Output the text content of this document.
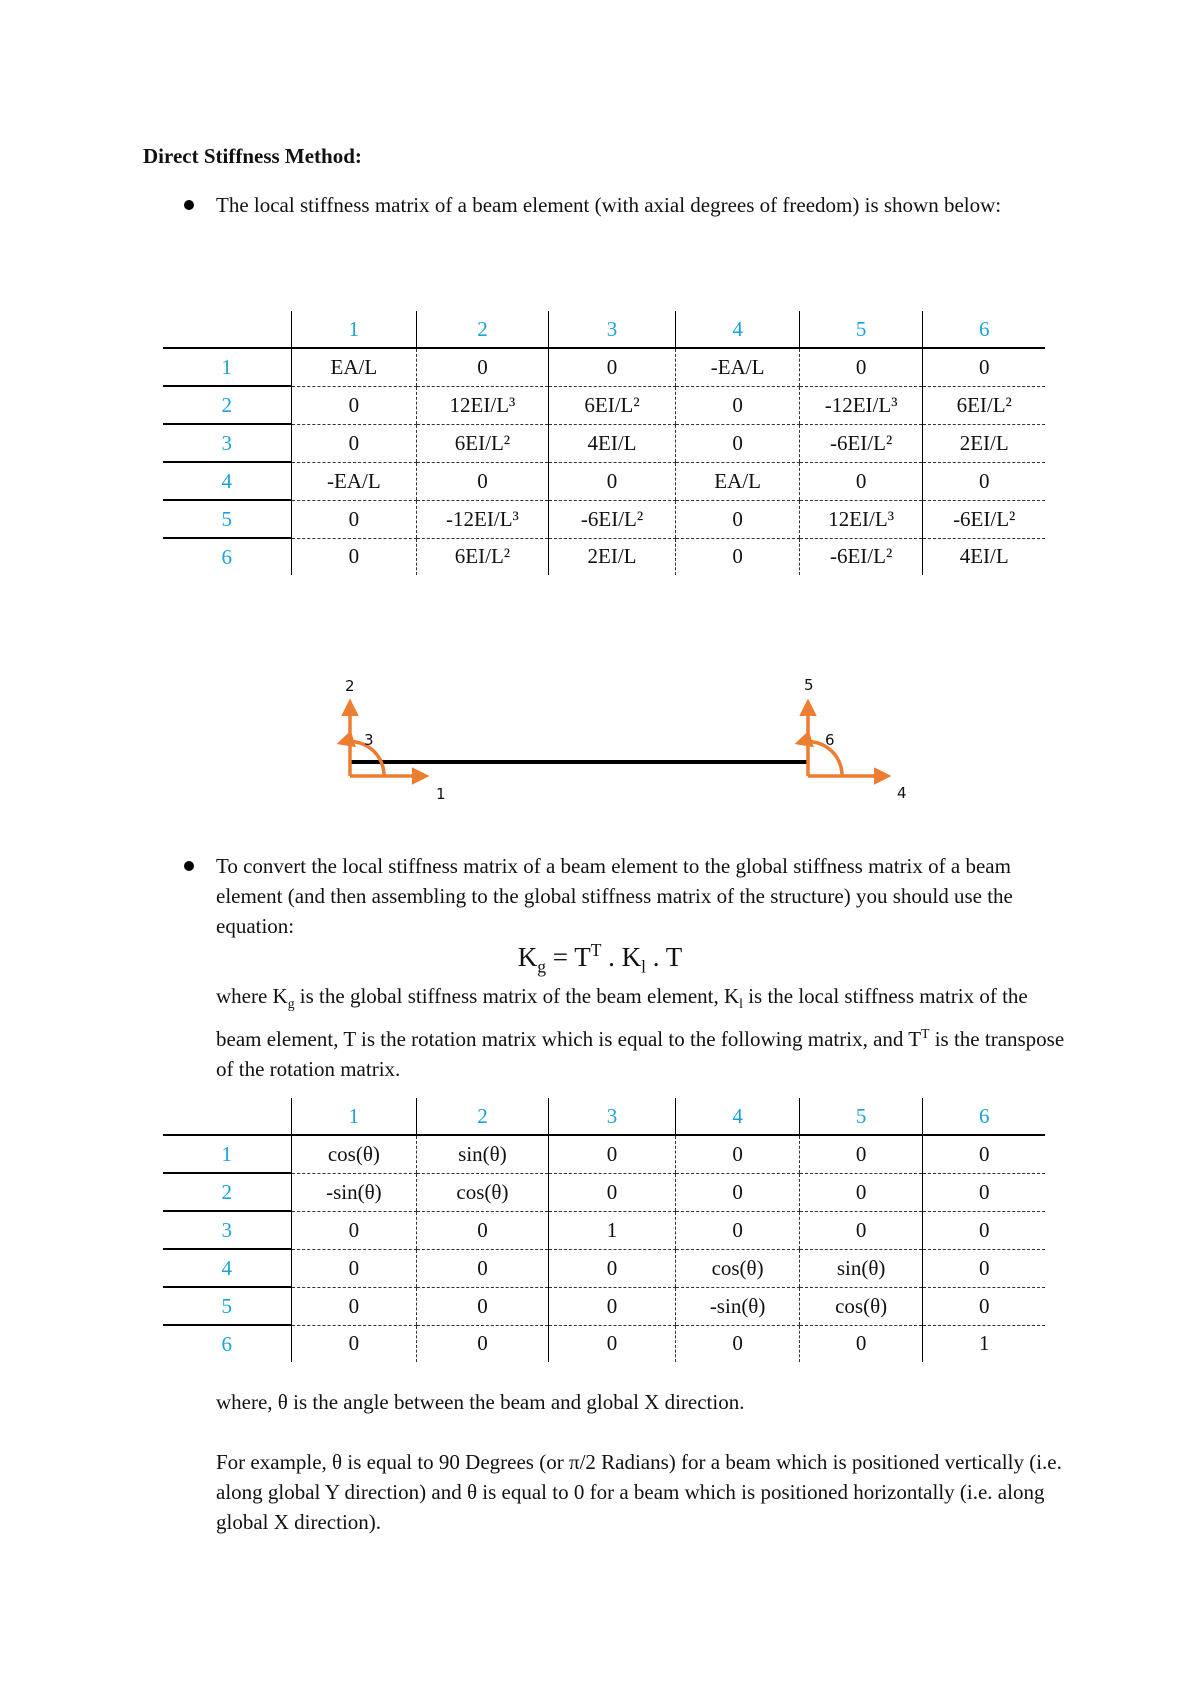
Direct Stiffness Method:
The local stiffness matrix of a beam element (with axial degrees of freedom) is shown below:
	1	2	3	4	5	6
1	EA/L	0	0	-EA/L	0	0
2	0	12EI/L³	6EI/L²	0	-12EI/L³	6EI/L²
3	0	6EI/L²	4EI/L	0	-6EI/L²	2EI/L
4	-EA/L	0	0	EA/L	0	0
5	0	-12EI/L³	-6EI/L²	0	12EI/L³	-6EI/L²
6	0	6EI/L²	2EI/L	0	-6EI/L²	4EI/L
1
2
3
4
5
6
To convert the local stiffness matrix of a beam element to the global stiffness matrix of a beam element (and then assembling to the global stiffness matrix of the structure) you should use the equation:
$K_g = T^T$ . $K_l$ . T
where $K_g$ is the global stiffness matrix of the beam element, $K_l$ is the local stiffness matrix of the beam element, T is the rotation matrix which is equal to the following matrix, and $T^T$ is the transpose of the rotation matrix.
	1	2	3	4	5	6
1	cos(θ)	sin(θ)	0	0	0	0
2	-sin(θ)	cos(θ)	0	0	0	0
3	0	0	1	0	0	0
4	0	0	0	cos(θ)	sin(θ)	0
5	0	0	0	-sin(θ)	cos(θ)	0
6	0	0	0	0	0	1
where, θ is the angle between the beam and global X direction.
For example, θ is equal to 90 Degrees (or π/2 Radians) for a beam which is positioned vertically (i.e. along global Y direction) and θ is equal to 0 for a beam which is positioned horizontally (i.e. along global X direction).
